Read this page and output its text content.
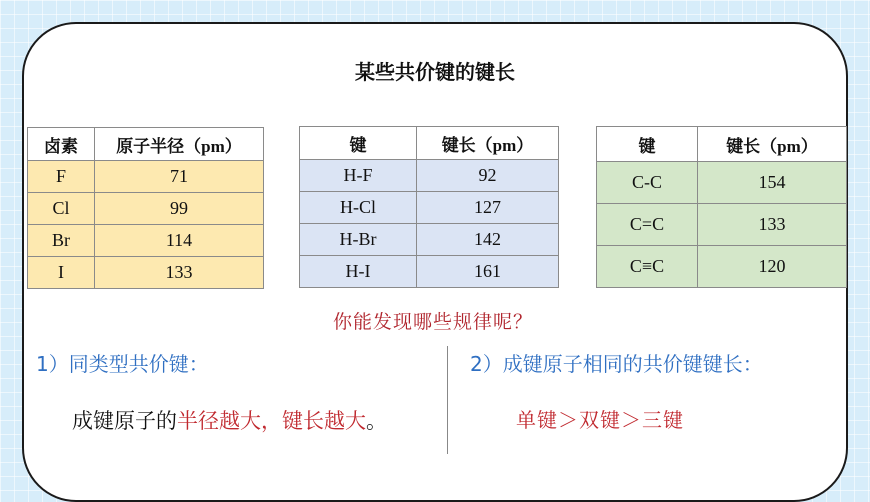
某些共价键的键长
卤素	原子半径（pm）
F	71
Cl	99
Br	114
I	133
键	键长（pm）
H-F	92
H-Cl	127
H-Br	142
H-I	161
键	键长（pm）
C-C	154
C=C	133
C≡C	120
你能发现哪些规律呢？
1）同类型共价键：
成键原子的半径越大，键长越大。
2）成键原子相同的共价键键长：
单键＞双键＞三键
